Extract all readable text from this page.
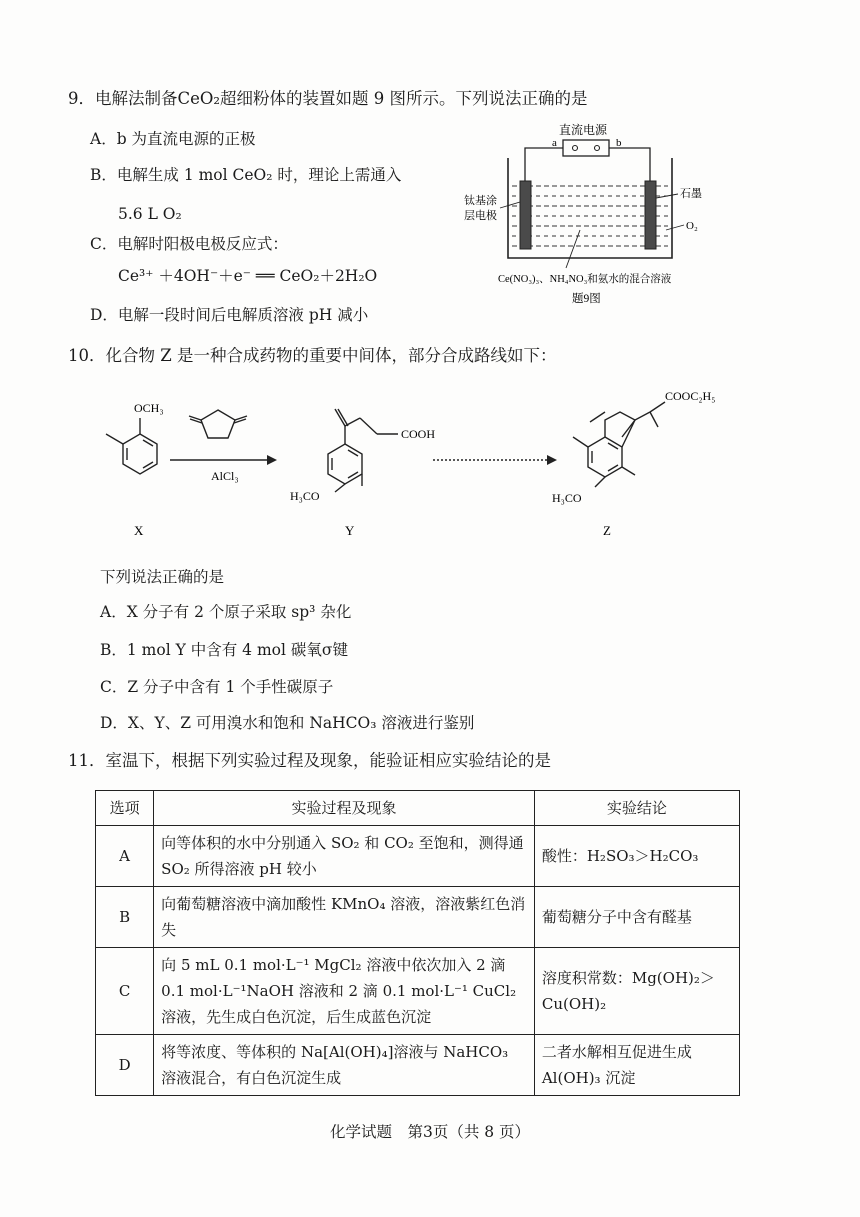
9．电解法制备CeO₂超细粉体的装置如题 9 图所示。下列说法正确的是
A．b 为直流电源的正极
B．电解生成 1 mol CeO₂ 时，理论上需通入
5.6 L O₂
C．电解时阳极电极反应式：
Ce³⁺ ＋4OH⁻＋e⁻ ══ CeO₂＋2H₂O
D．电解一段时间后电解质溶液 pH 减小
直流电源
a	b
钛基涂
层电极
石墨
O₂
Ce(NO₃)₃、NH₄NO₃和氨水的混合溶液
题9图
10．化合物 Z 是一种合成药物的重要中间体，部分合成路线如下：
OCH₃
AlCl₃
COOH
H₃CO
COOC₂H₅
H₃CO
X	Y	Z
下列说法正确的是
A．X 分子有 2 个原子采取 sp³ 杂化
B．1 mol Y 中含有 4 mol 碳氧σ键
C．Z 分子中含有 1 个手性碳原子
D．X、Y、Z 可用溴水和饱和 NaHCO₃ 溶液进行鉴别
11．室温下，根据下列实验过程及现象，能验证相应实验结论的是
选项	实验过程及现象	实验结论
A	向等体积的水中分别通入 SO₂ 和 CO₂ 至饱和，测得通 SO₂ 所得溶液 pH 较小	酸性：H₂SO₃＞H₂CO₃
B	向葡萄糖溶液中滴加酸性 KMnO₄ 溶液，溶液紫红色消失	葡萄糖分子中含有醛基
C	向 5 mL 0.1 mol·L⁻¹ MgCl₂ 溶液中依次加入 2 滴 0.1 mol·L⁻¹NaOH 溶液和 2 滴 0.1 mol·L⁻¹ CuCl₂ 溶液，先生成白色沉淀，后生成蓝色沉淀	溶度积常数：Mg(OH)₂＞Cu(OH)₂
D	将等浓度、等体积的 Na[Al(OH)₄]溶液与 NaHCO₃ 溶液混合，有白色沉淀生成	二者水解相互促进生成 Al(OH)₃ 沉淀
化学试题　第3页（共 8 页）
